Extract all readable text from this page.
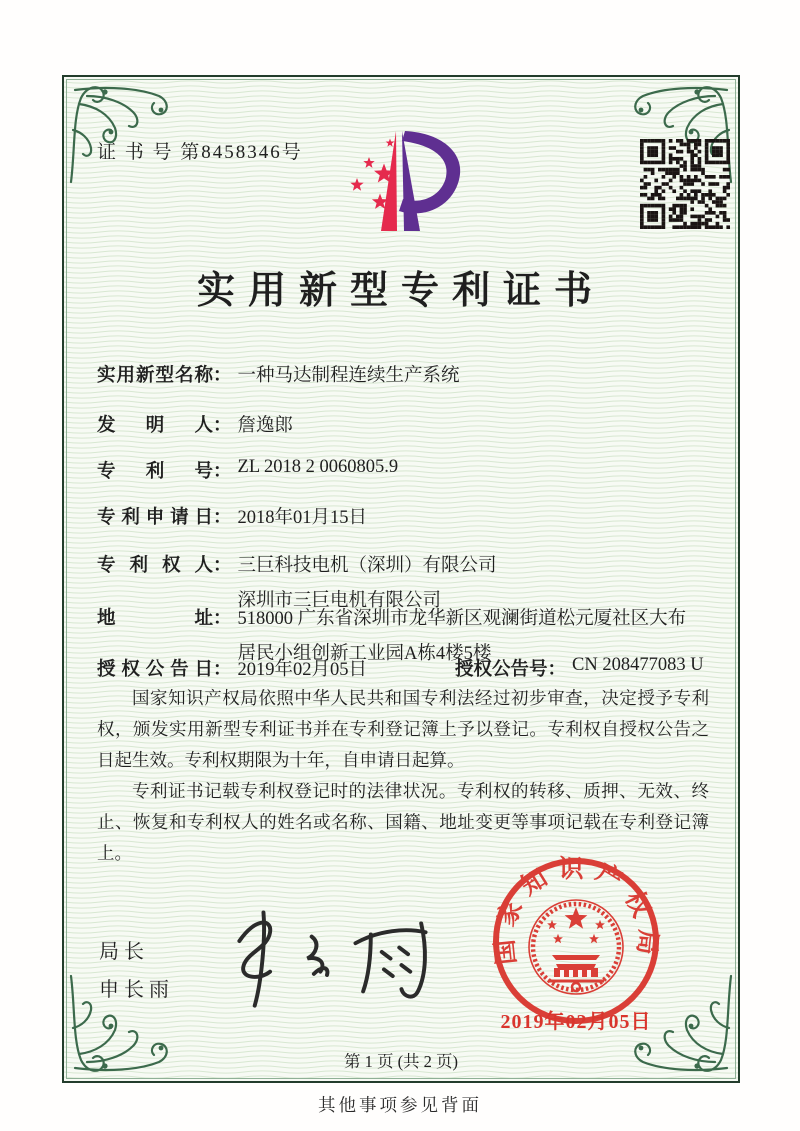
证 书 号 第8458346号
实用新型专利证书
实用新型名称 ： 一种马达制程连续生产系统
发明人 ： 詹逸郎
专利号 ： ZL 2018 2 0060805.9
专利申请日 ： 2018年01月15日
专利权人 ： 三巨科技电机（深圳）有限公司
深圳市三巨电机有限公司
地址 ： 518000 广东省深圳市龙华新区观澜街道松元厦社区大布
居民小组创新工业园A栋4楼5楼
授权公告日 ： 2019年02月05日	授权公告号 ： CN 208477083 U

国家知识产权局依照中华人民共和国专利法经过初步审查，决定授予专利权，颁发实用新型专利证书并在专利登记簿上予以登记。专利权自授权公告之日起生效。专利权期限为十年，自申请日起算。

专利证书记载专利权登记时的法律状况。专利权的转移、质押、无效、终止、恢复和专利权人的姓名或名称、国籍、地址变更等事项记载在专利登记簿上。

局长
申长雨
国家知识产权局
2019年02月05日
第 1 页 (共 2 页)
其他事项参见背面
